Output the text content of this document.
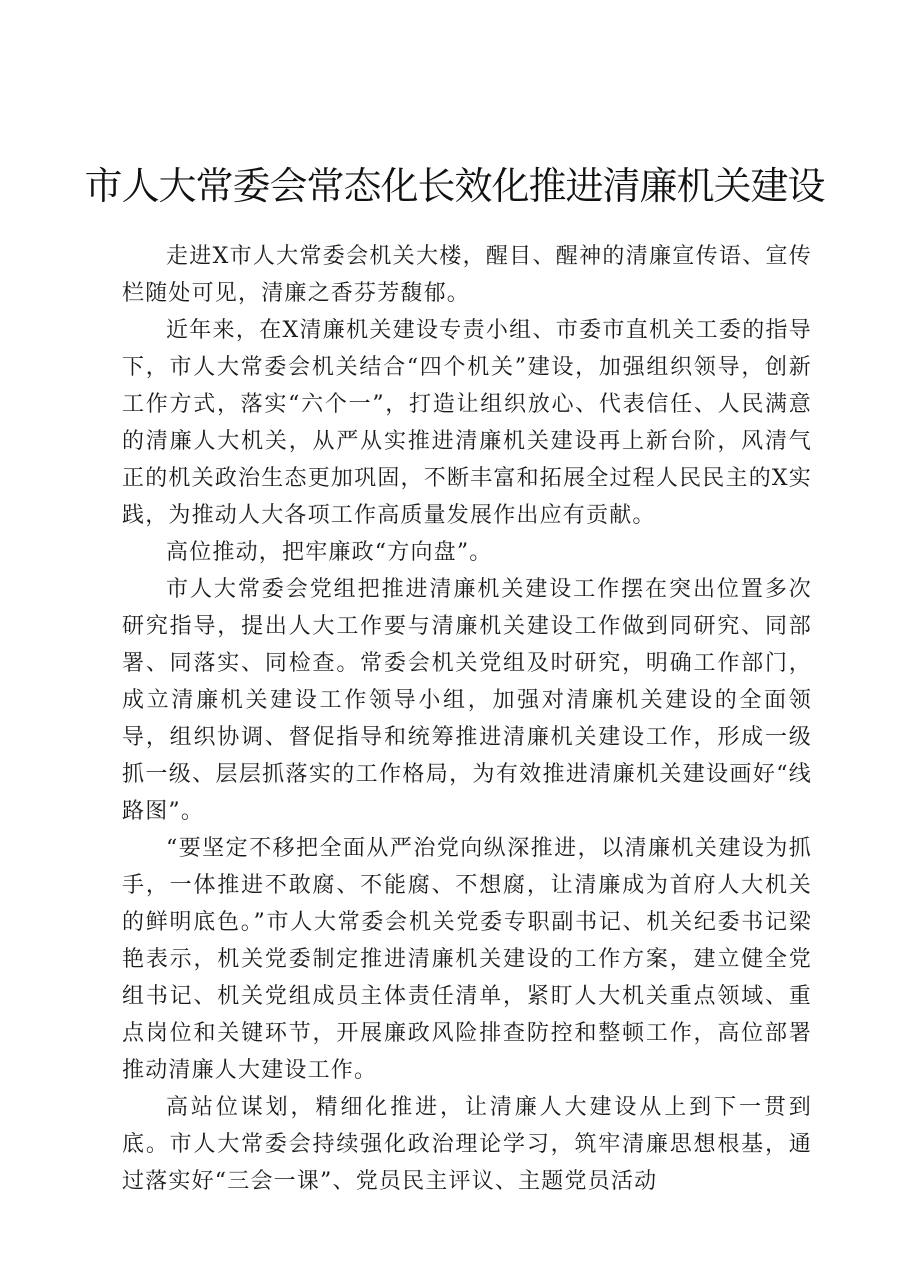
市人大常委会常态化长效化推进清廉机关建设

走进X市人大常委会机关大楼，醒目、醒神的清廉宣传语、宣传栏随处可见，清廉之香芬芳馥郁。

近年来，在X清廉机关建设专责小组、市委市直机关工委的指导下，市人大常委会机关结合“四个机关”建设，加强组织领导，创新工作方式，落实“六个一”，打造让组织放心、代表信任、人民满意的清廉人大机关，从严从实推进清廉机关建设再上新台阶，风清气正的机关政治生态更加巩固，不断丰富和拓展全过程人民民主的X实践，为推动人大各项工作高质量发展作出应有贡献。

高位推动，把牢廉政“方向盘”。

市人大常委会党组把推进清廉机关建设工作摆在突出位置多次研究指导，提出人大工作要与清廉机关建设工作做到同研究、同部署、同落实、同检查。常委会机关党组及时研究，明确工作部门，成立清廉机关建设工作领导小组，加强对清廉机关建设的全面领导，组织协调、督促指导和统筹推进清廉机关建设工作，形成一级抓一级、层层抓落实的工作格局，为有效推进清廉机关建设画好“线路图”。

“要坚定不移把全面从严治党向纵深推进，以清廉机关建设为抓手，一体推进不敢腐、不能腐、不想腐，让清廉成为首府人大机关的鲜明底色。”市人大常委会机关党委专职副书记、机关纪委书记梁艳表示，机关党委制定推进清廉机关建设的工作方案，建立健全党组书记、机关党组成员主体责任清单，紧盯人大机关重点领域、重点岗位和关键环节，开展廉政风险排查防控和整顿工作，高位部署推动清廉人大建设工作。

高站位谋划，精细化推进，让清廉人大建设从上到下一贯到底。市人大常委会持续强化政治理论学习，筑牢清廉思想根基，通过落实好“三会一课”、党员民主评议、主题党员活动
